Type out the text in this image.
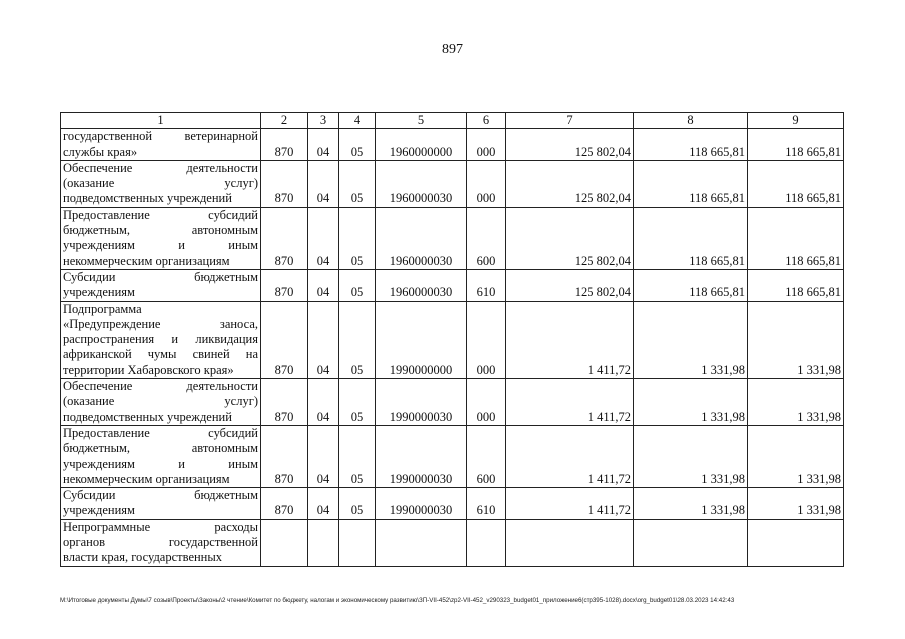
897
1	2	3	4	5	6	7	8	9

государственной ветеринарной
службы края»	870	04	05	1960000000	000	125 802,04	118 665,81	118 665,81

Обеспечение деятельности
(оказание услуг)
подведомственных учреждений	870	04	05	1960000030	000	125 802,04	118 665,81	118 665,81

Предоставление субсидий
бюджетным, автономным
учреждениям и иным
некоммерческим организациям	870	04	05	1960000030	600	125 802,04	118 665,81	118 665,81

Субсидии бюджетным
учреждениям	870	04	05	1960000030	610	125 802,04	118 665,81	118 665,81

Подпрограмма
«Предупреждение заноса,
распространения и ликвидация
африканской чумы свиней на
территории Хабаровского края»	870	04	05	1990000000	000	1 411,72	1 331,98	1 331,98

Обеспечение деятельности
(оказание услуг)
подведомственных учреждений	870	04	05	1990000030	000	1 411,72	1 331,98	1 331,98

Предоставление субсидий
бюджетным, автономным
учреждениям и иным
некоммерческим организациям	870	04	05	1990000030	600	1 411,72	1 331,98	1 331,98

Субсидии бюджетным
учреждениям	870	04	05	1990000030	610	1 411,72	1 331,98	1 331,98

Непрограммные расходы
органов государственной
власти края, государственных								

М:\Итоговые документы Думы\7 созыв\Проекты\Законы\2 чтение\Комитет по бюджету, налогам и экономическому развитию\ЗП-VII-452\zp2-VII-452_v290323_budget01_приложение6(стр395-1028).docx\org_budget01\28.03.2023 14:42:43
